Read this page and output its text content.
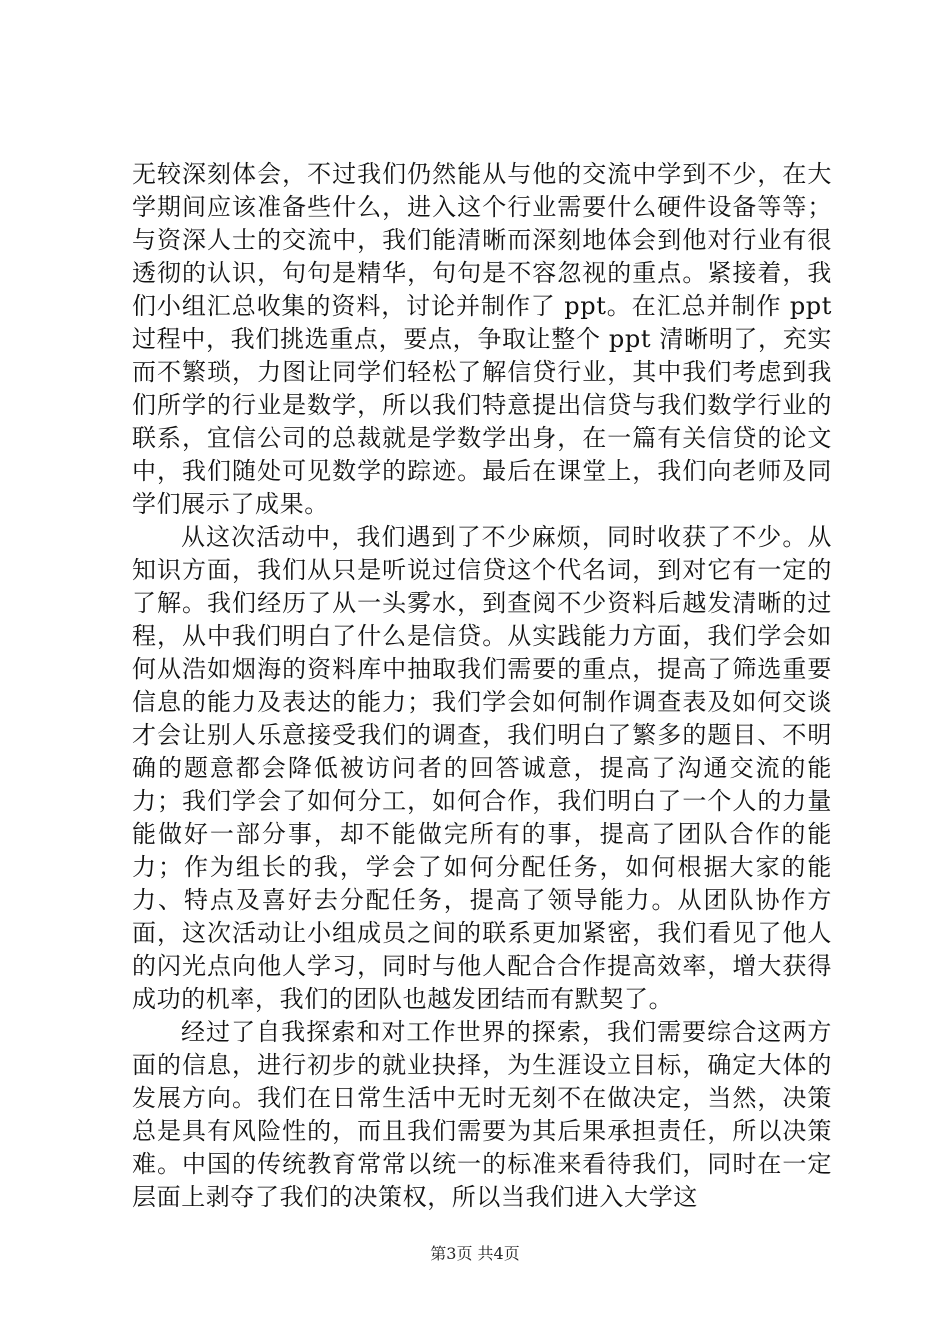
无较深刻体会，不过我们仍然能从与他的交流中学到不少，在大学期间应该准备些什么，进入这个行业需要什么硬件设备等等；与资深人士的交流中，我们能清晰而深刻地体会到他对行业有很透彻的认识，句句是精华，句句是不容忽视的重点。紧接着，我们小组汇总收集的资料，讨论并制作了 ppt。在汇总并制作 ppt 过程中，我们挑选重点，要点，争取让整个 ppt 清晰明了，充实而不繁琐，力图让同学们轻松了解信贷行业，其中我们考虑到我们所学的行业是数学，所以我们特意提出信贷与我们数学行业的联系，宜信公司的总裁就是学数学出身，在一篇有关信贷的论文中，我们随处可见数学的踪迹。最后在课堂上，我们向老师及同学们展示了成果。

从这次活动中，我们遇到了不少麻烦，同时收获了不少。从知识方面，我们从只是听说过信贷这个代名词，到对它有一定的了解。我们经历了从一头雾水，到查阅不少资料后越发清晰的过程，从中我们明白了什么是信贷。从实践能力方面，我们学会如何从浩如烟海的资料库中抽取我们需要的重点，提高了筛选重要信息的能力及表达的能力；我们学会如何制作调查表及如何交谈才会让别人乐意接受我们的调查，我们明白了繁多的题目、不明确的题意都会降低被访问者的回答诚意，提高了沟通交流的能力；我们学会了如何分工，如何合作，我们明白了一个人的力量能做好一部分事，却不能做完所有的事，提高了团队合作的能力；作为组长的我，学会了如何分配任务，如何根据大家的能力、特点及喜好去分配任务，提高了领导能力。从团队协作方面，这次活动让小组成员之间的联系更加紧密，我们看见了他人的闪光点向他人学习，同时与他人配合合作提高效率，增大获得成功的机率，我们的团队也越发团结而有默契了。

经过了自我探索和对工作世界的探索，我们需要综合这两方面的信息，进行初步的就业抉择，为生涯设立目标，确定大体的发展方向。我们在日常生活中无时无刻不在做决定，当然，决策总是具有风险性的，而且我们需要为其后果承担责任，所以决策难。中国的传统教育常常以统一的标准来看待我们，同时在一定层面上剥夺了我们的决策权，所以当我们进入大学这

第3页 共4页
